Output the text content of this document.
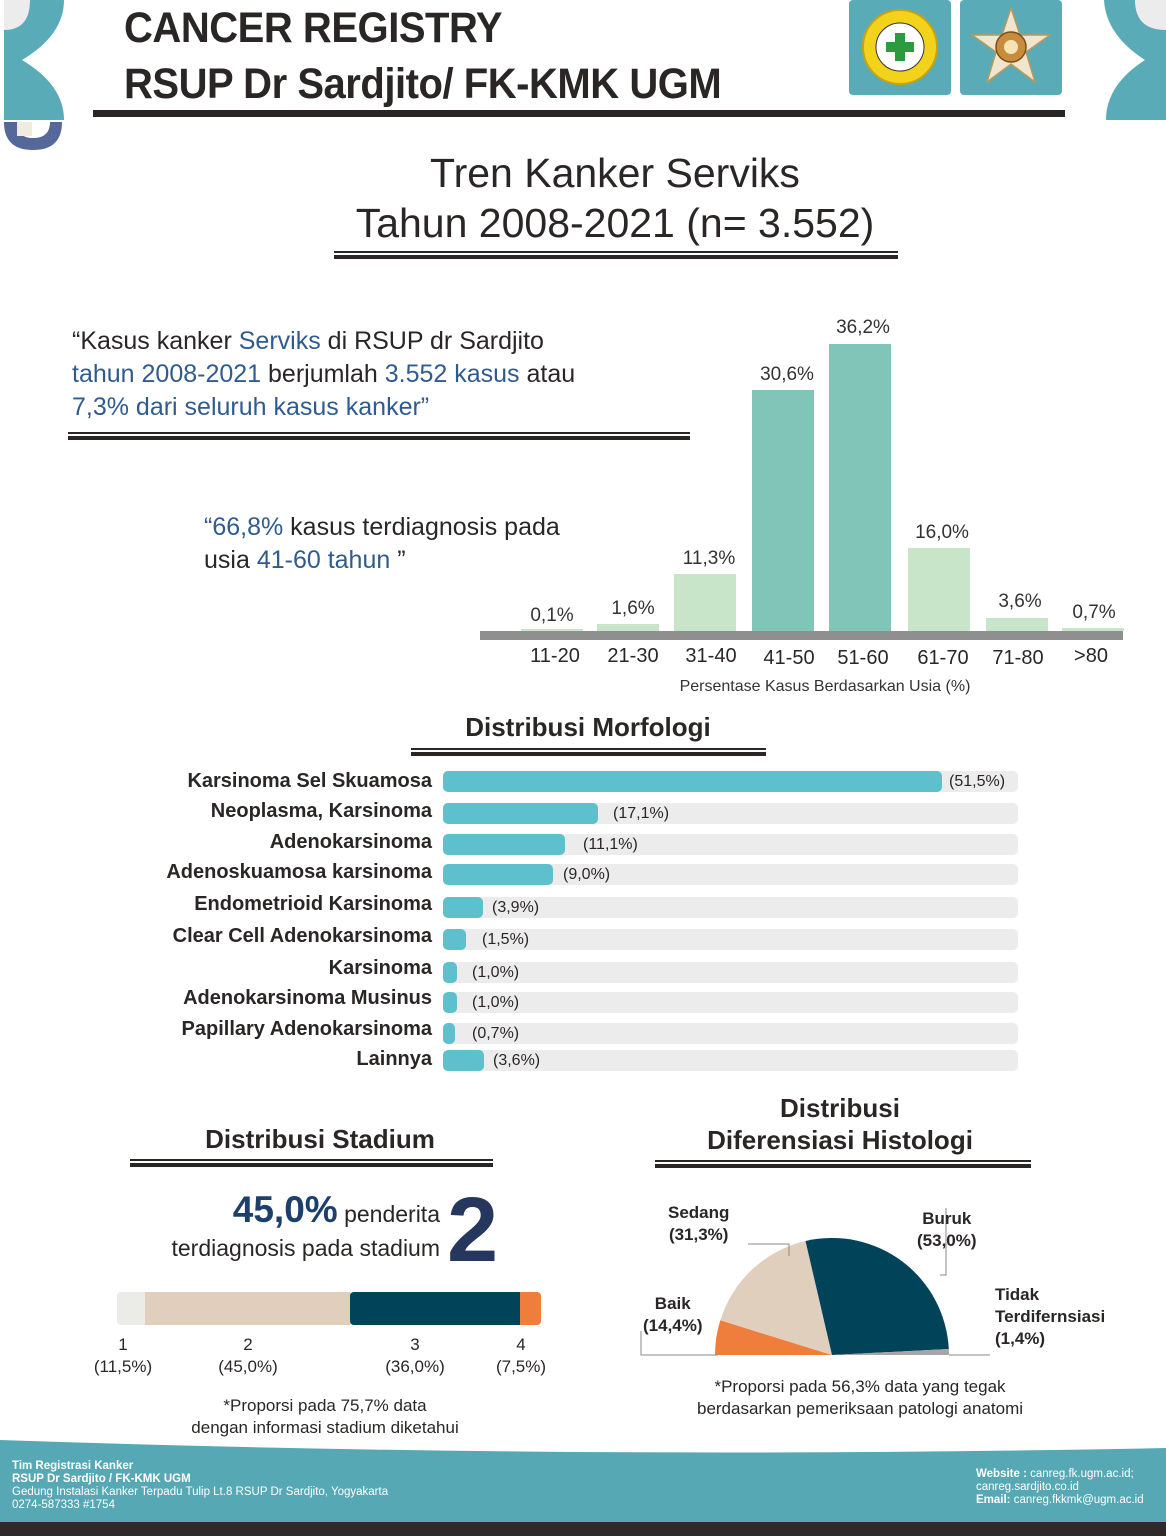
CANCER REGISTRY
RSUP Dr Sardjito/ FK-KMK UGM
Tren Kanker Serviks
Tahun 2008-2021 (n= 3.552)
“Kasus kanker Serviks di RSUP dr Sardjito
tahun 2008-2021 berjumlah 3.552 kasus atau
7,3% dari seluruh kasus kanker”
“66,8% kasus terdiagnosis pada
usia 41-60 tahun ”
0,1%	1,6%
11,3%
30,6%
36,2%
16,0%
3,6%
0,7%
11-20	21-30	31-40	41-50	51-60	61-70	71-80	>80
Persentase Kasus Berdasarkan Usia (%)
Distribusi Morfologi
Karsinoma Sel Skuamosa	(51,5%)
Neoplasma, Karsinoma	(17,1%)
Adenokarsinoma	(11,1%)
Adenoskuamosa karsinoma	(9,0%)
Endometrioid Karsinoma	(3,9%)
Clear Cell Adenokarsinoma	(1,5%)
Karsinoma	(1,0%)
Adenokarsinoma Musinus	(1,0%)
Papillary Adenokarsinoma	(0,7%)
Lainnya	(3,6%)
Distribusi Stadium
45,0% penderita
terdiagnosis pada stadium 2
1
(11,5%)
2
(45,0%)
3
(36,0%)
4
(7,5%)
*Proporsi pada 75,7% data
dengan informasi stadium diketahui
Distribusi
Diferensiasi Histologi
Sedang
(31,3%)
Buruk
(53,0%)
Baik
(14,4%)
Tidak
Terdifernsiasi
(1,4%)
*Proporsi pada 56,3% data yang tegak
berdasarkan pemeriksaan patologi anatomi
Tim Registrasi Kanker
RSUP Dr Sardjito / FK-KMK UGM
Gedung Instalasi Kanker Terpadu Tulip Lt.8 RSUP Dr Sardjito, Yogyakarta
0274-587333 #1754
Website : canreg.fk.ugm.ac.id;
canreg.sardjito.co.id
Email: canreg.fkkmk@ugm.ac.id
